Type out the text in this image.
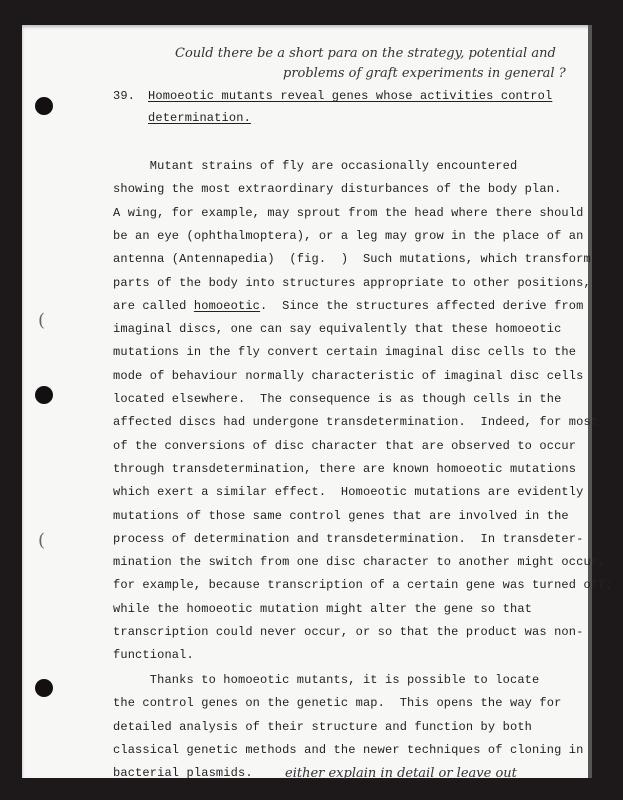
(
(
Could there be a short para on the strategy, potential and
problems of graft experiments in general ?
39. Homoeotic mutants reveal genes whose activities control
determination.
Mutant strains of fly are occasionally encountered
showing the most extraordinary disturbances of the body plan.
A wing, for example, may sprout from the head where there should
be an eye (ophthalmoptera), or a leg may grow in the place of an
antenna (Antennapedia)  (fig.  )  Such mutations, which transform
parts of the body into structures appropriate to other positions,
are called homoeotic.  Since the structures affected derive from
imaginal discs, one can say equivalently that these homoeotic
mutations in the fly convert certain imaginal disc cells to the
mode of behaviour normally characteristic of imaginal disc cells
located elsewhere.  The consequence is as though cells in the
affected discs had undergone transdetermination.  Indeed, for most
of the conversions of disc character that are observed to occur
through transdetermination, there are known homoeotic mutations
which exert a similar effect.  Homoeotic mutations are evidently
mutations of those same control genes that are involved in the
process of determination and transdetermination.  In transdeter-
mination the switch from one disc character to another might occur,
for example, because transcription of a certain gene was turned off;
while the homoeotic mutation might alter the gene so that
transcription could never occur, or so that the product was non-
functional.
Thanks to homoeotic mutants, it is possible to locate
the control genes on the genetic map.  This opens the way for
detailed analysis of their structure and function by both
classical genetic methods and the newer techniques of cloning in
bacterial plasmids. either explain in detail or leave out
